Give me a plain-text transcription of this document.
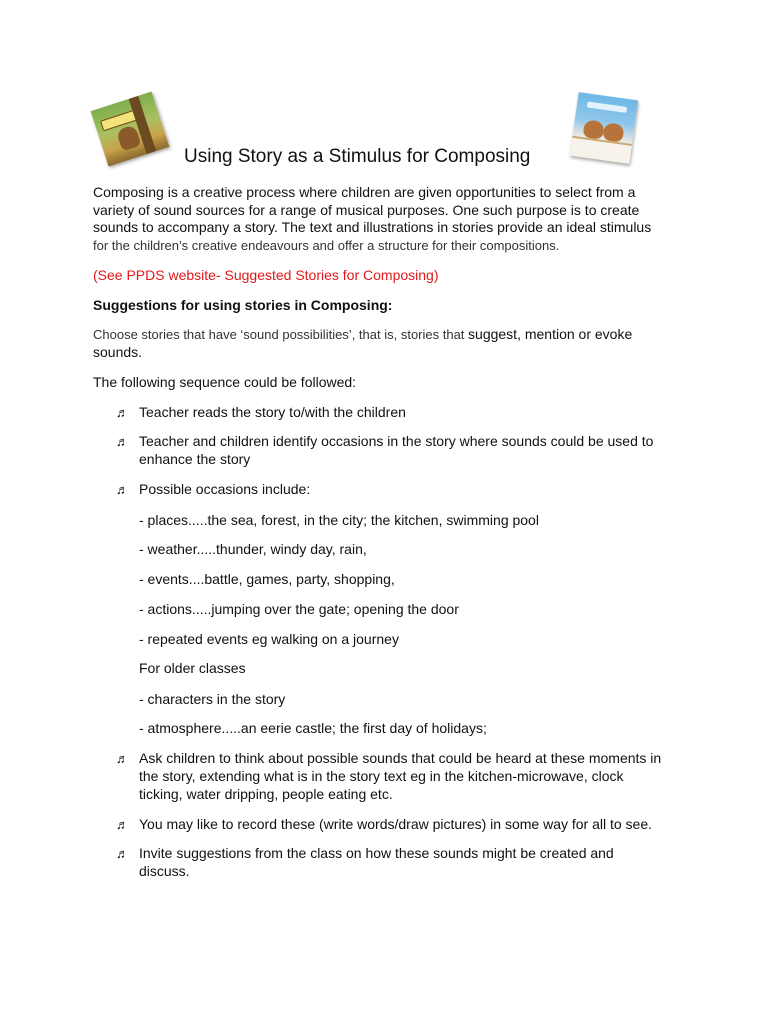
Using Story as a Stimulus for Composing
Composing is a creative process where children are given opportunities to select from a
variety of sound sources for a range of musical purposes. One such purpose is to create
sounds to accompany a story. The text and illustrations in stories provide an ideal stimulus
for the children’s creative endeavours and offer a structure for their compositions.
(See PPDS website- Suggested Stories for Composing)
Suggestions for using stories in Composing:
Choose stories that have ‘sound possibilities’, that is, stories that suggest, mention or evoke
sounds.
The following sequence could be followed:
♬ Teacher reads the story to/with the children
♬ Teacher and children identify occasions in the story where sounds could be used to
enhance the story
♬ Possible occasions include:
- places.....the sea, forest, in the city; the kitchen, swimming pool
- weather.....thunder, windy day, rain,
- events....battle, games, party, shopping,
- actions.....jumping over the gate; opening the door
- repeated events eg walking on a journey
For older classes
- characters in the story
- atmosphere.....an eerie castle; the first day of holidays;
♬ Ask children to think about possible sounds that could be heard at these moments in
the story, extending what is in the story text eg in the kitchen-microwave, clock
ticking, water dripping, people eating etc.
♬ You may like to record these (write words/draw pictures) in some way for all to see.
♬ Invite suggestions from the class on how these sounds might be created and
discuss.
